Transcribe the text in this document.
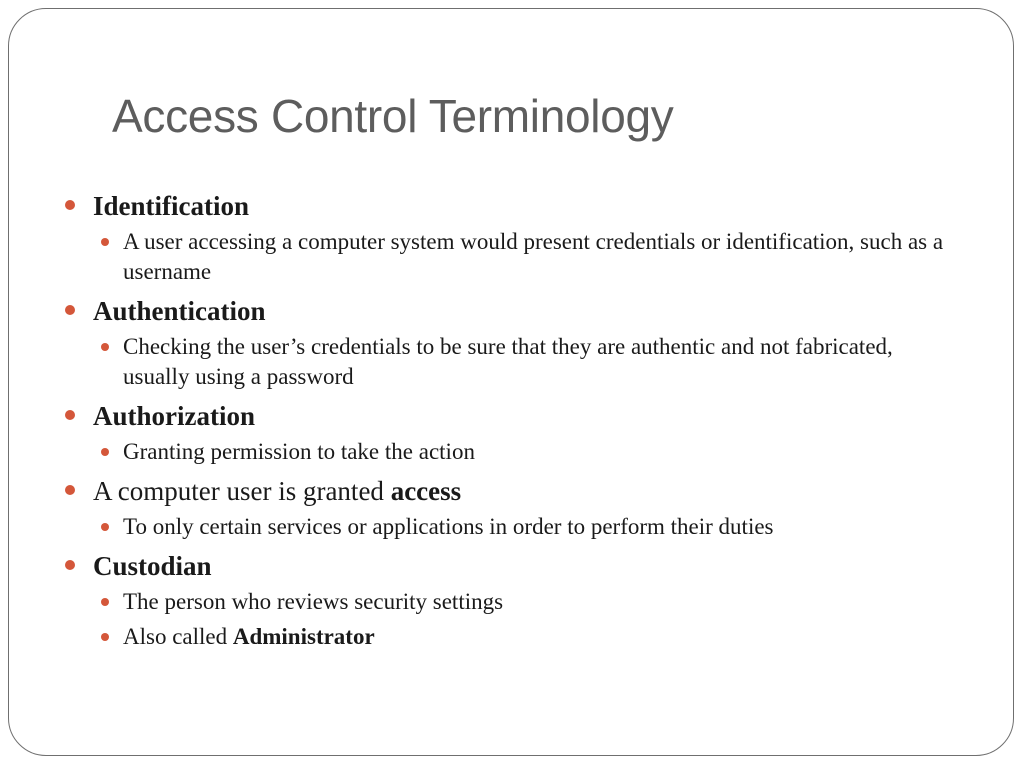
Access Control Terminology
Identification
A user accessing a computer system would present credentials or identification, such as a username
Authentication
Checking the user’s credentials to be sure that they are authentic and not fabricated, usually using a password
Authorization
Granting permission to take the action
A computer user is granted access
To only certain services or applications in order to perform their duties
Custodian
The person who reviews security settings
Also called Administrator
